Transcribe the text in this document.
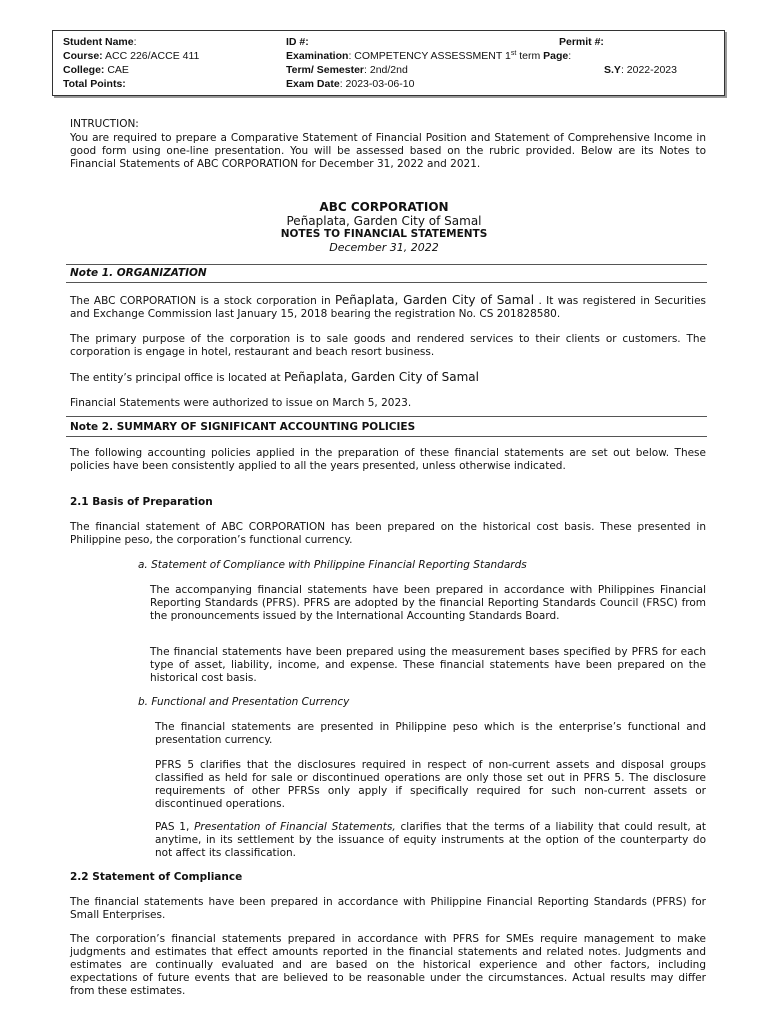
Student Name:
Course: ACC 226/ACCE 411
College: CAE
Total Points:
ID #:
Examination: COMPETENCY ASSESSMENT 1st term Page:
Term/ Semester: 2nd/2nd
Exam Date: 2023-03-06-10
Permit #:
S.Y: 2022-2023
INTRUCTION:
You are required to prepare a Comparative Statement of Financial Position and Statement of Comprehensive Income in good form using one-line presentation. You will be assessed based on the rubric provided. Below are its Notes to Financial Statements of ABC CORPORATION for December 31, 2022 and 2021.
ABC CORPORATION
Peñaplata, Garden City of Samal
NOTES TO FINANCIAL STATEMENTS
December 31, 2022
Note 1. ORGANIZATION
The ABC CORPORATION is a stock corporation in Peñaplata, Garden City of Samal . It was registered in Securities and Exchange Commission last January 15, 2018 bearing the registration No. CS 201828580.
The primary purpose of the corporation is to sale goods and rendered services to their clients or customers. The corporation is engage in hotel, restaurant and beach resort business.
The entity’s principal office is located at Peñaplata, Garden City of Samal
Financial Statements were authorized to issue on March 5, 2023.
Note 2. SUMMARY OF SIGNIFICANT ACCOUNTING POLICIES
The following accounting policies applied in the preparation of these financial statements are set out below. These policies have been consistently applied to all the years presented, unless otherwise indicated.
2.1 Basis of Preparation
The financial statement of ABC CORPORATION has been prepared on the historical cost basis. These presented in Philippine peso, the corporation’s functional currency.
a. Statement of Compliance with Philippine Financial Reporting Standards
The accompanying financial statements have been prepared in accordance with Philippines Financial Reporting Standards (PFRS). PFRS are adopted by the financial Reporting Standards Council (FRSC) from the pronouncements issued by the International Accounting Standards Board.
The financial statements have been prepared using the measurement bases specified by PFRS for each type of asset, liability, income, and expense. These financial statements have been prepared on the historical cost basis.
b. Functional and Presentation Currency
The financial statements are presented in Philippine peso which is the enterprise’s functional and presentation currency.
PFRS 5 clarifies that the disclosures required in respect of non-current assets and disposal groups classified as held for sale or discontinued operations are only those set out in PFRS 5. The disclosure requirements of other PFRSs only apply if specifically required for such non-current assets or discontinued operations.
PAS 1, Presentation of Financial Statements, clarifies that the terms of a liability that could result, at anytime, in its settlement by the issuance of equity instruments at the option of the counterparty do not affect its classification.
2.2 Statement of Compliance
The financial statements have been prepared in accordance with Philippine Financial Reporting Standards (PFRS) for Small Enterprises.
The corporation’s financial statements prepared in accordance with PFRS for SMEs require management to make judgments and estimates that effect amounts reported in the financial statements and related notes. Judgments and estimates are continually evaluated and are based on the historical experience and other factors, including expectations of future events that are believed to be reasonable under the circumstances. Actual results may differ from these estimates.
